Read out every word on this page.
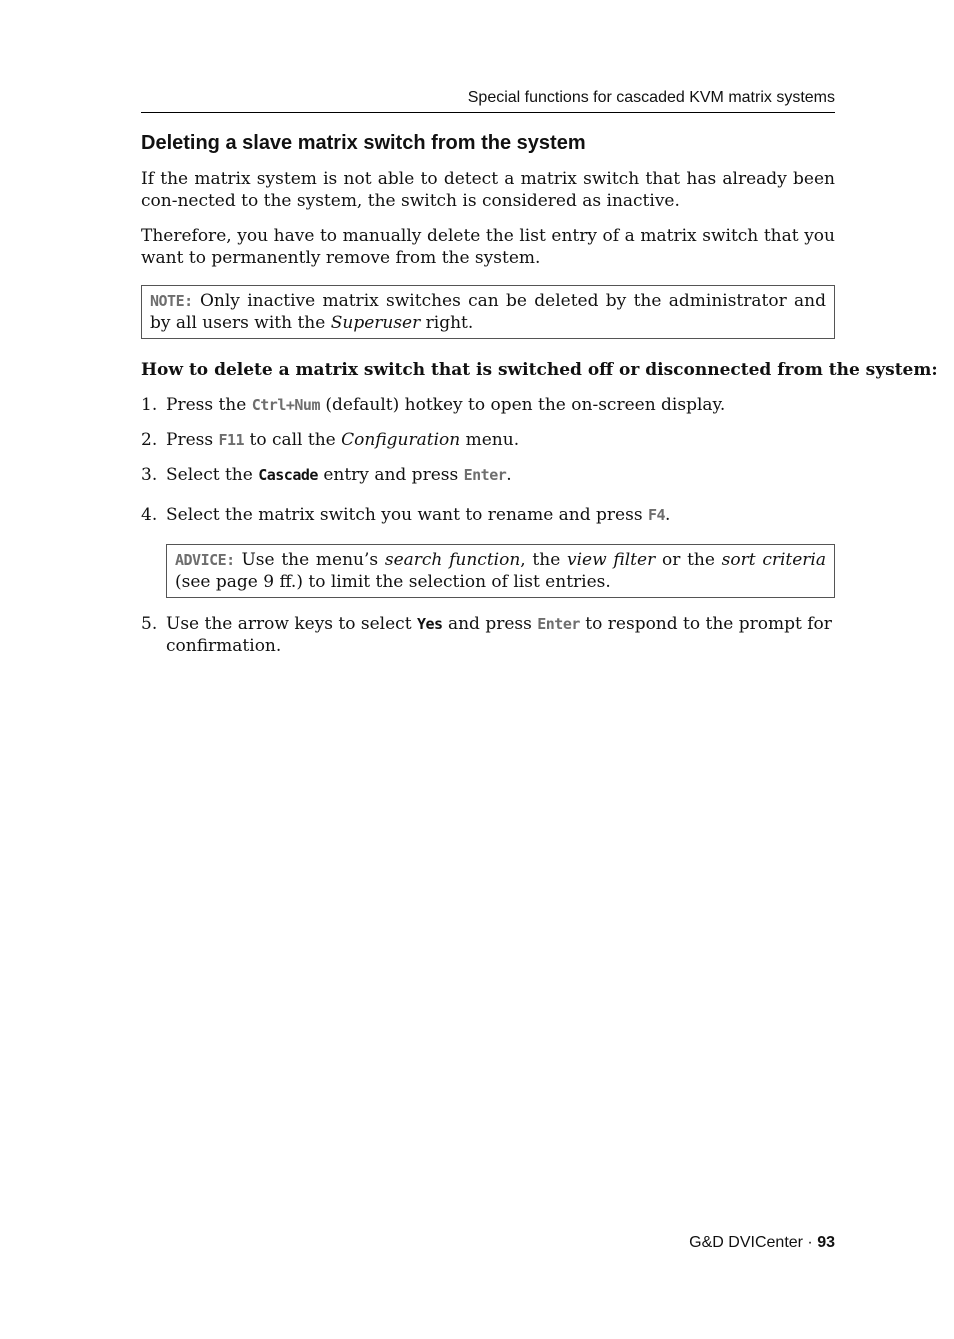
Special functions for cascaded KVM matrix systems
Deleting a slave matrix switch from the system

If the matrix system is not able to detect a matrix switch that has already been con-nected to the system, the switch is considered as inactive.

Therefore, you have to manually delete the list entry of a matrix switch that you want to permanently remove from the system.

NOTE: Only inactive matrix switches can be deleted by the administrator and by all users with the Superuser right.
How to delete a matrix switch that is switched off or disconnected from the system:
1. Press the Ctrl+Num (default) hotkey to open the on-screen display.
2. Press F11 to call the Configuration menu.
3. Select the Cascade entry and press Enter.
4. Select the matrix switch you want to rename and press F4.
ADVICE: Use the menu’s search function, the view filter or the sort criteria (see page 9 ff.) to limit the selection of list entries.
5. Use the arrow keys to select Yes and press Enter to respond to the prompt for confirmation.
G&D DVICenter · 93
